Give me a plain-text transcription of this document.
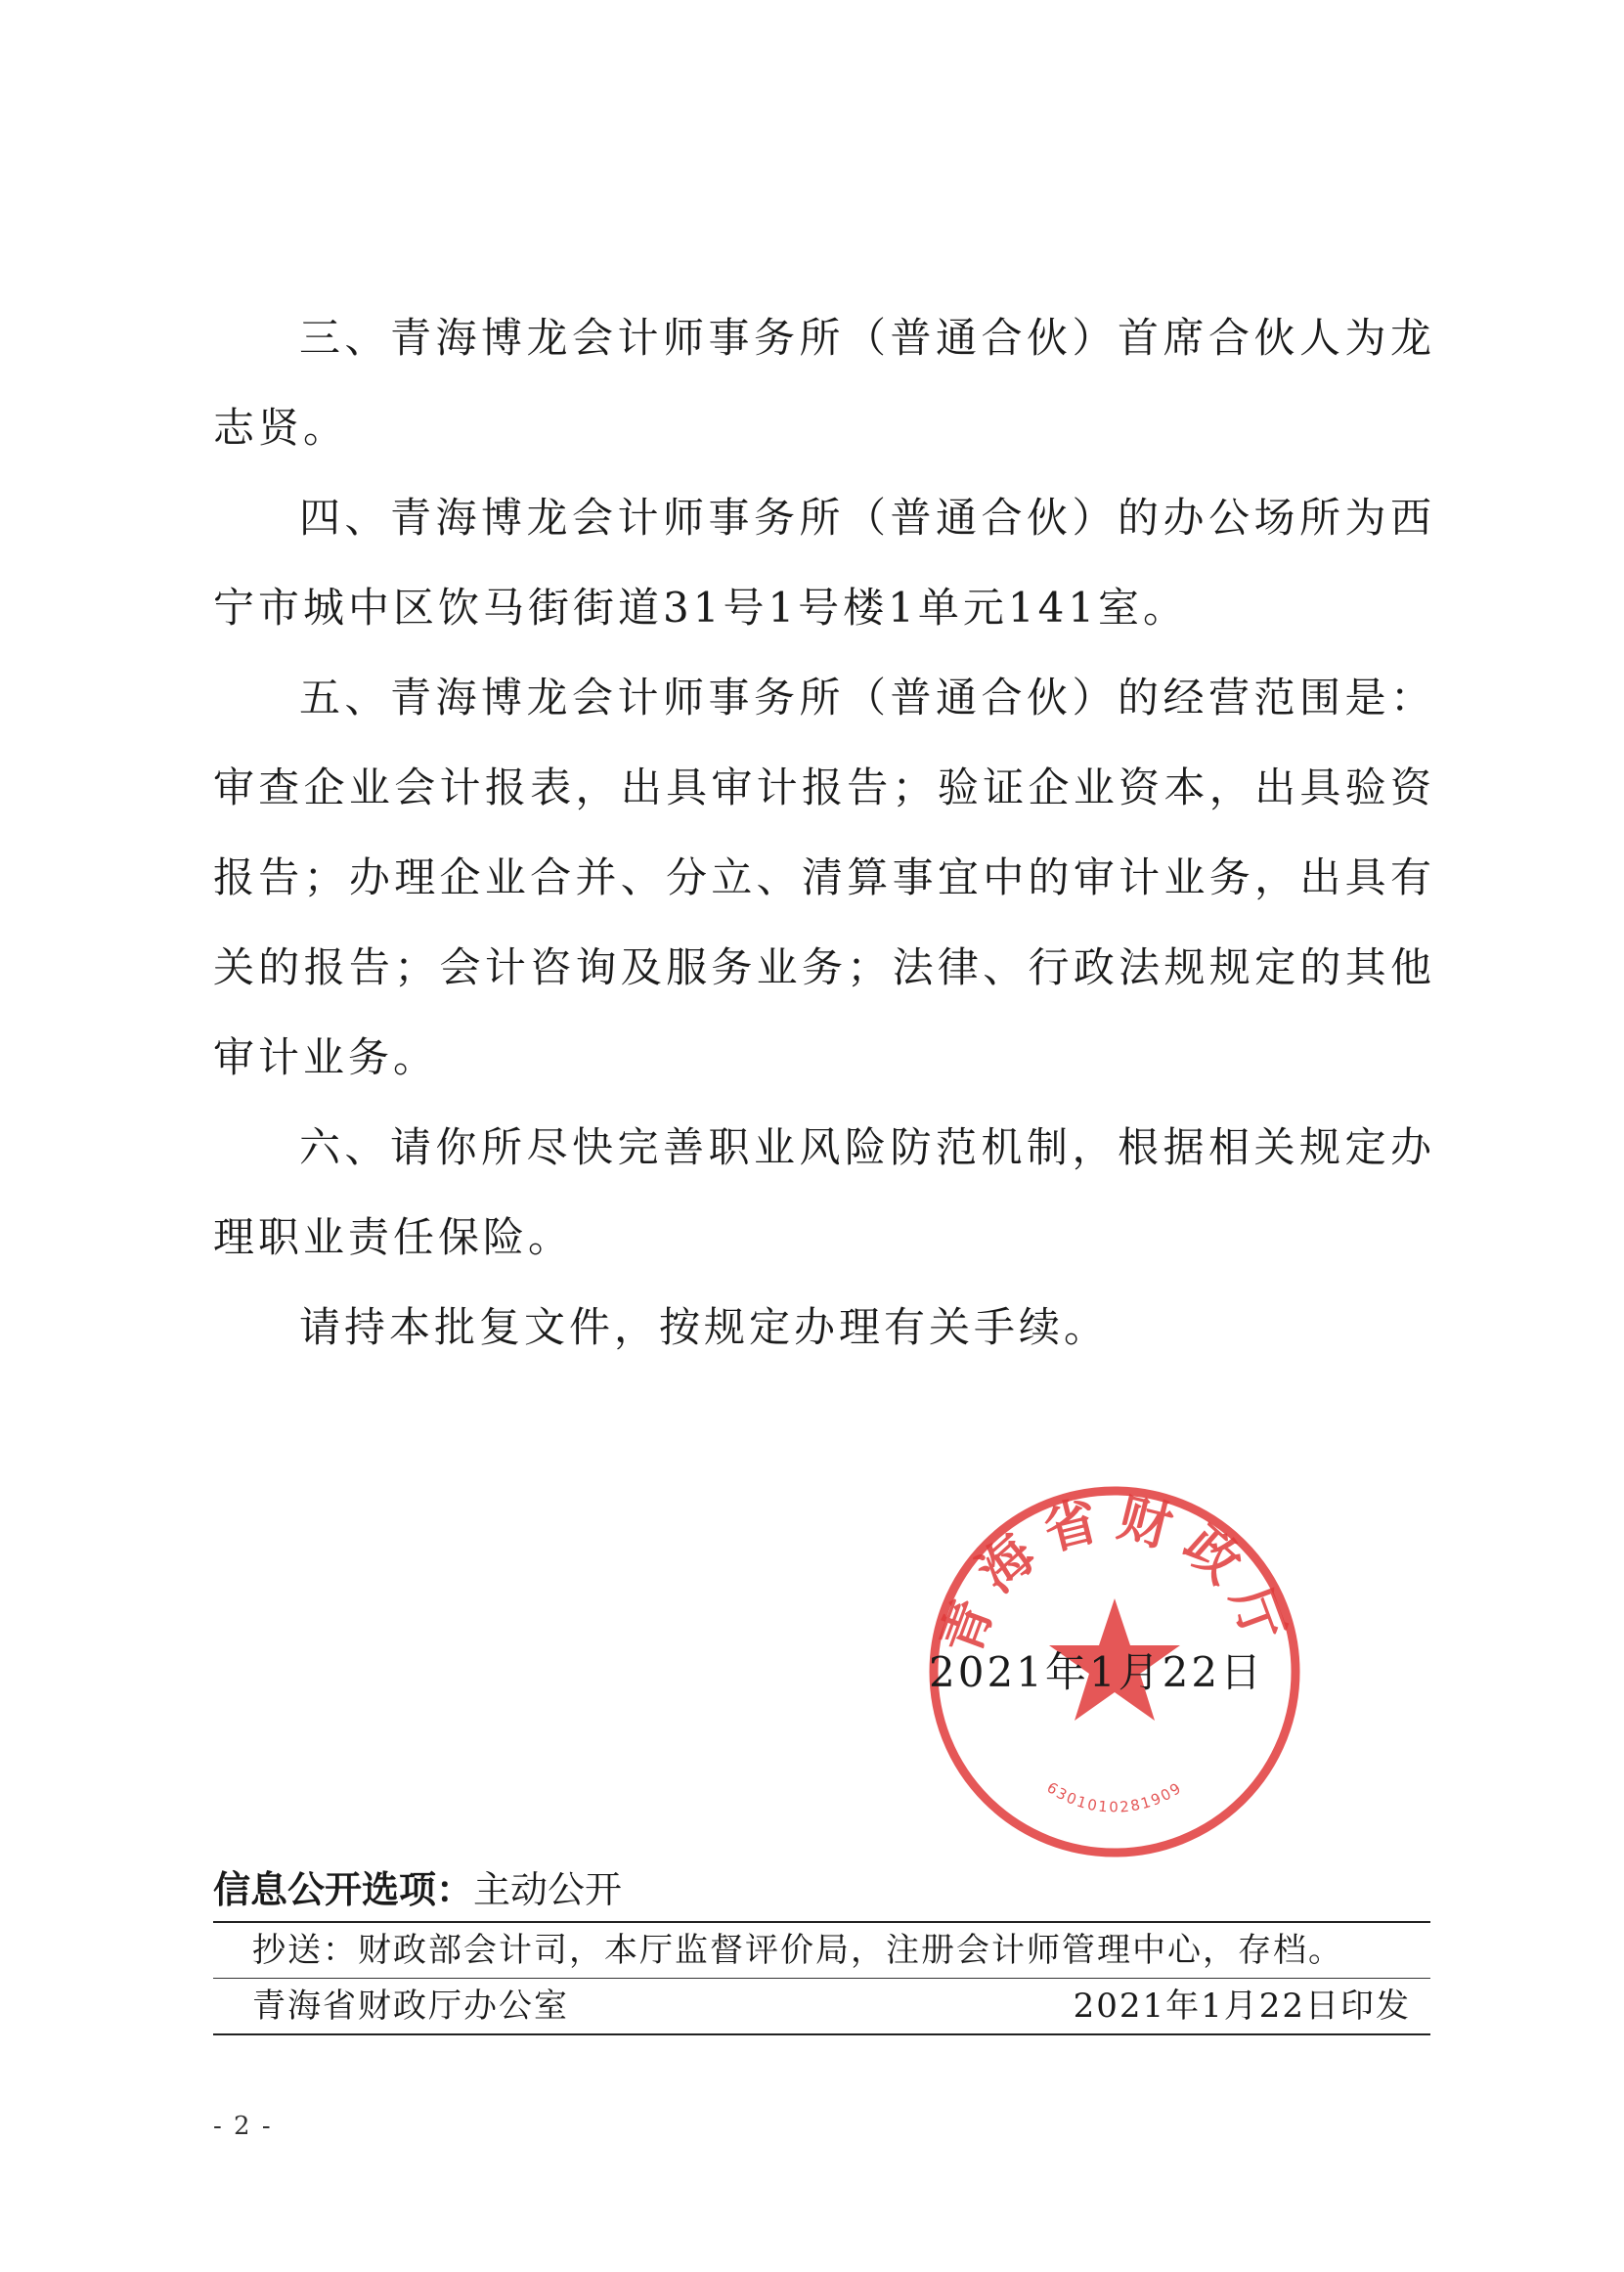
三、青海博龙会计师事务所（普通合伙）首席合伙人为龙志贤。

四、青海博龙会计师事务所（普通合伙）的办公场所为西宁市城中区饮马街街道31号1号楼1单元141室。

五、青海博龙会计师事务所（普通合伙）的经营范围是：审查企业会计报表，出具审计报告；验证企业资本，出具验资报告；办理企业合并、分立、清算事宜中的审计业务，出具有关的报告；会计咨询及服务业务；法律、行政法规规定的其他审计业务。

六、请你所尽快完善职业风险防范机制，根据相关规定办理职业责任保险。

请持本批复文件，按规定办理有关手续。

青海省财政厅
6301010281909
2021年1月22日
信息公开选项：主动公开
抄送：财政部会计司，本厅监督评价局，注册会计师管理中心，存档。
青海省财政厅办公室	2021年1月22日印发
- 2 -
